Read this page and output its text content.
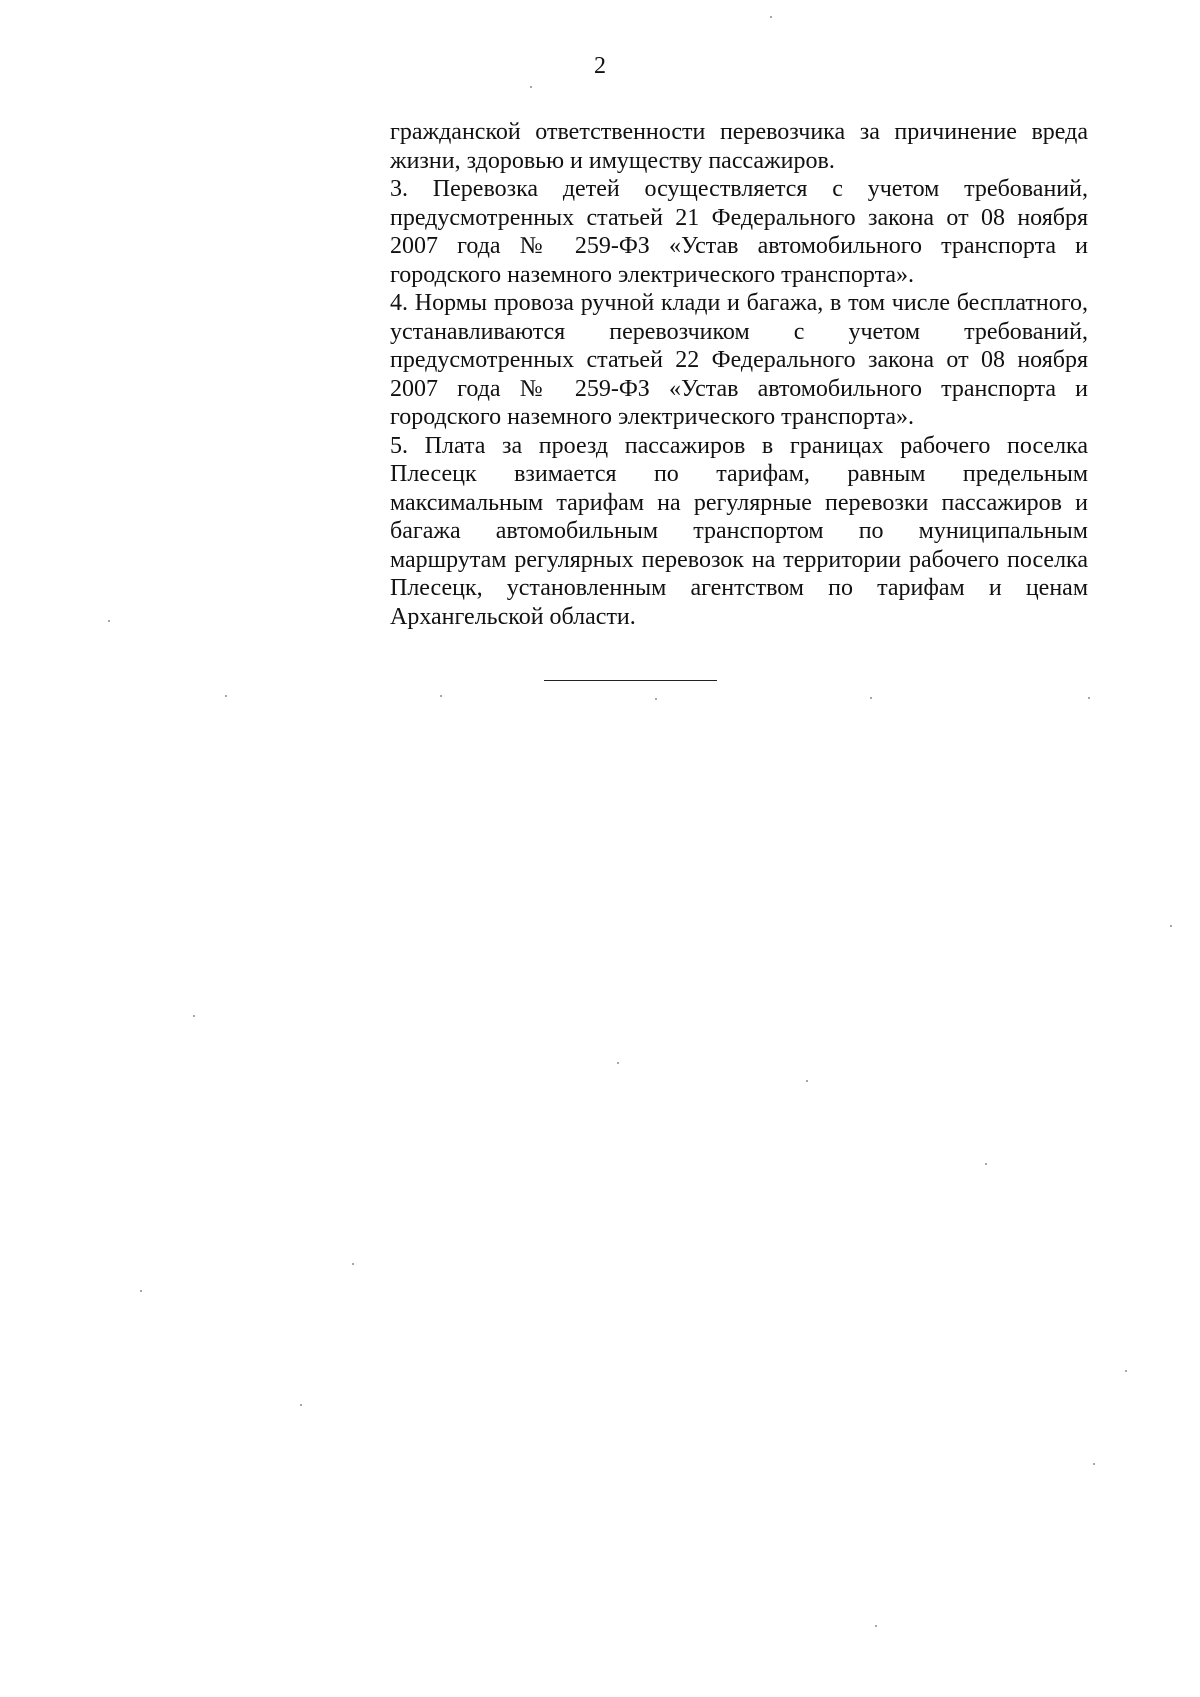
2

гражданской ответственности перевозчика за причинение вреда жизни, здоровью и имуществу пассажиров.

3. Перевозка детей осуществляется с учетом требований, предусмотренных статьей 21 Федерального закона от 08 ноября 2007 года № 259-ФЗ «Устав автомобильного транспорта и городского наземного электрического транспорта».

4. Нормы провоза ручной клади и багажа, в том числе бесплатного, устанавливаются перевозчиком с учетом требований, предусмотренных статьей 22 Федерального закона от 08 ноября 2007 года № 259-ФЗ «Устав автомобильного транспорта и городского наземного электрического транспорта».

5. Плата за проезд пассажиров в границах рабочего поселка Плесецк взимается по тарифам, равным предельным максимальным тарифам на регулярные перевозки пассажиров и багажа автомобильным транспортом по муниципальным маршрутам регулярных перевозок на территории рабочего поселка Плесецк, установленным агентством по тарифам и ценам Архангельской области.
